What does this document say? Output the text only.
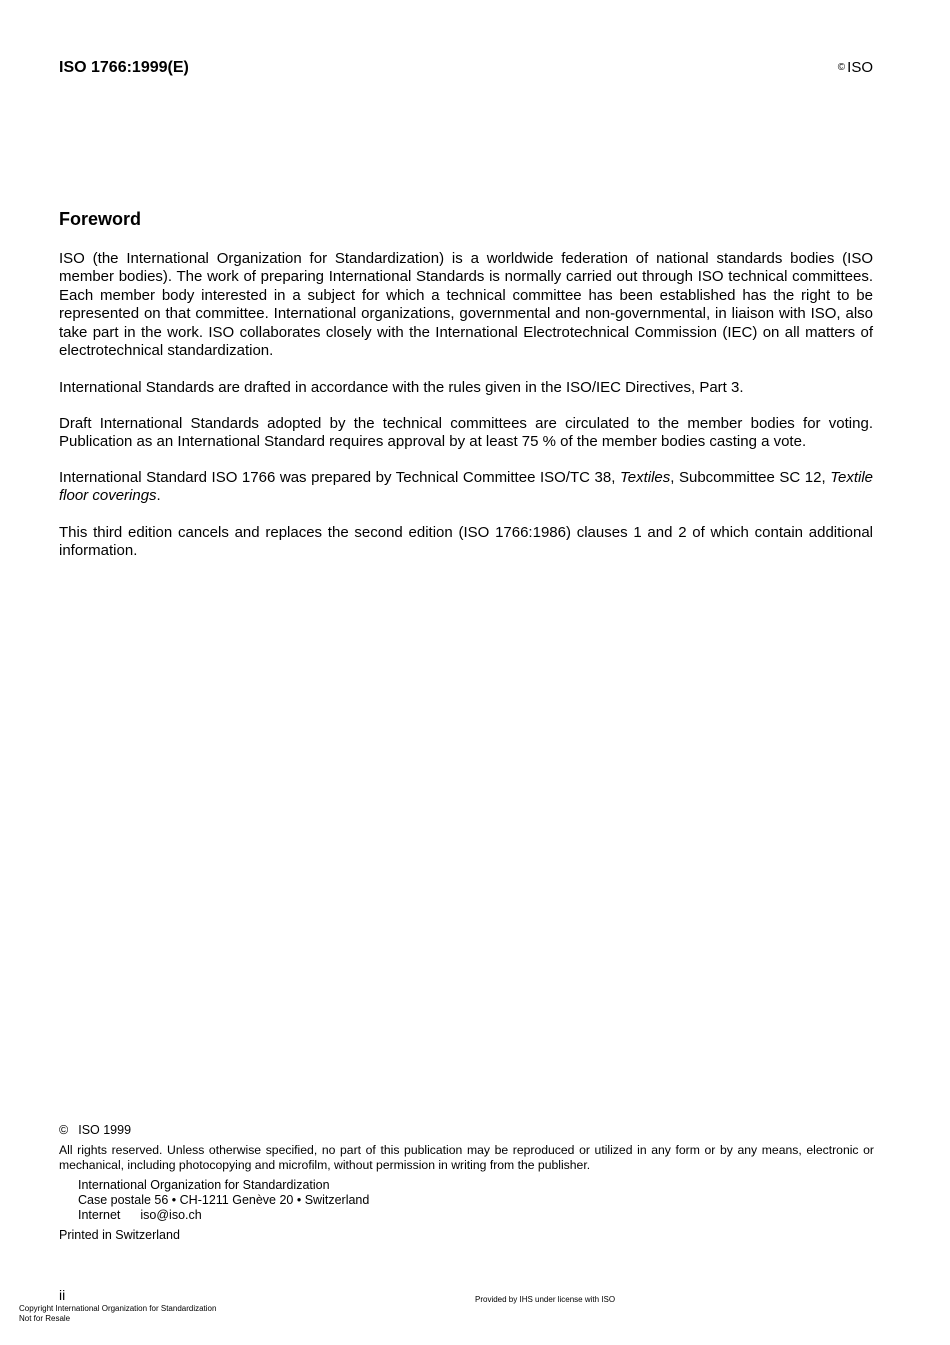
ISO 1766:1999(E)	© ISO
Foreword

ISO (the International Organization for Standardization) is a worldwide federation of national standards bodies (ISO member bodies). The work of preparing International Standards is normally carried out through ISO technical committees. Each member body interested in a subject for which a technical committee has been established has the right to be represented on that committee. International organizations, governmental and non-governmental, in liaison with ISO, also take part in the work. ISO collaborates closely with the International Electrotechnical Commission (IEC) on all matters of electrotechnical standardization.

International Standards are drafted in accordance with the rules given in the ISO/IEC Directives, Part 3.

Draft International Standards adopted by the technical committees are circulated to the member bodies for voting. Publication as an International Standard requires approval by at least 75 % of the member bodies casting a vote.

International Standard ISO 1766 was prepared by Technical Committee ISO/TC 38, Textiles, Subcommittee SC 12, Textile floor coverings.

This third edition cancels and replaces the second edition (ISO 1766:1986) clauses 1 and 2 of which contain additional information.

© ISO 1999

All rights reserved. Unless otherwise specified, no part of this publication may be reproduced or utilized in any form or by any means, electronic or mechanical, including photocopying and microfilm, without permission in writing from the publisher.

International Organization for Standardization
Case postale 56 • CH-1211 Genève 20 • Switzerland
Internet iso@iso.ch
Printed in Switzerland
ii	Provided by IHS under license with ISO
Copyright International Organization for Standardization
Not for Resale
